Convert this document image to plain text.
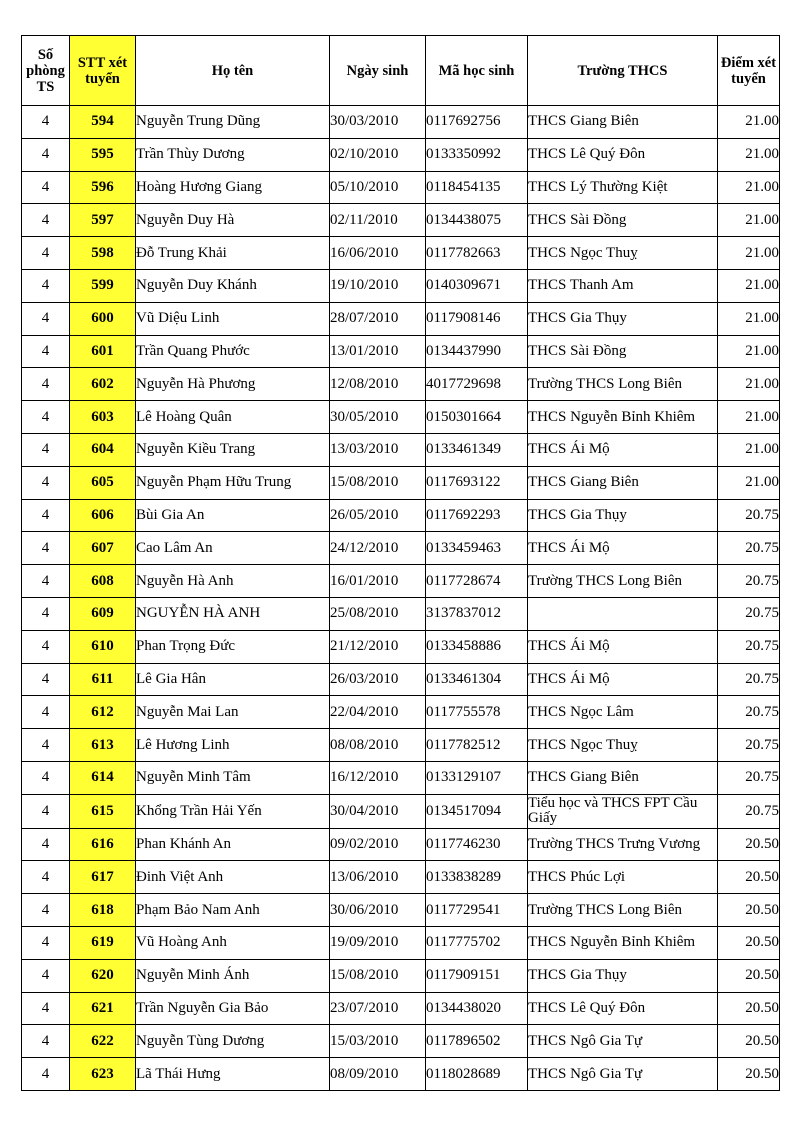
Số phòng TS	STT xét tuyển	Họ tên	Ngày sinh	Mã học sinh	Trường THCS	Điểm xét tuyển
4	594	Nguyễn Trung Dũng	30/03/2010	0117692756	THCS Giang Biên	21.00
4	595	Trần Thùy Dương	02/10/2010	0133350992	THCS Lê Quý Đôn	21.00
4	596	Hoàng Hương Giang	05/10/2010	0118454135	THCS Lý Thường Kiệt	21.00
4	597	Nguyễn Duy Hà	02/11/2010	0134438075	THCS Sài Đồng	21.00
4	598	Đỗ Trung Khải	16/06/2010	0117782663	THCS Ngọc Thuỵ	21.00
4	599	Nguyễn Duy Khánh	19/10/2010	0140309671	THCS Thanh Am	21.00
4	600	Vũ Diệu Linh	28/07/2010	0117908146	THCS Gia Thụy	21.00
4	601	Trần Quang Phước	13/01/2010	0134437990	THCS Sài Đồng	21.00
4	602	Nguyễn Hà Phương	12/08/2010	4017729698	Trường THCS Long Biên	21.00
4	603	Lê Hoàng Quân	30/05/2010	0150301664	THCS Nguyễn Bỉnh Khiêm	21.00
4	604	Nguyễn Kiều Trang	13/03/2010	0133461349	THCS Ái Mộ	21.00
4	605	Nguyễn Phạm Hữu Trung	15/08/2010	0117693122	THCS Giang Biên	21.00
4	606	Bùi Gia An	26/05/2010	0117692293	THCS Gia Thụy	20.75
4	607	Cao Lâm An	24/12/2010	0133459463	THCS Ái Mộ	20.75
4	608	Nguyễn Hà Anh	16/01/2010	0117728674	Trường THCS Long Biên	20.75
4	609	NGUYỄN HÀ ANH	25/08/2010	3137837012		20.75
4	610	Phan Trọng Đức	21/12/2010	0133458886	THCS Ái Mộ	20.75
4	611	Lê Gia Hân	26/03/2010	0133461304	THCS Ái Mộ	20.75
4	612	Nguyễn Mai Lan	22/04/2010	0117755578	THCS Ngọc Lâm	20.75
4	613	Lê Hương Linh	08/08/2010	0117782512	THCS Ngọc Thuỵ	20.75
4	614	Nguyễn Minh Tâm	16/12/2010	0133129107	THCS Giang Biên	20.75
4	615	Khổng Trần Hải Yến	30/04/2010	0134517094	Tiểu học và THCS FPT Cầu Giấy	20.75
4	616	Phan Khánh An	09/02/2010	0117746230	Trường THCS Trưng Vương	20.50
4	617	Đinh Việt Anh	13/06/2010	0133838289	THCS Phúc Lợi	20.50
4	618	Phạm Bảo Nam Anh	30/06/2010	0117729541	Trường THCS Long Biên	20.50
4	619	Vũ Hoàng Anh	19/09/2010	0117775702	THCS Nguyễn Bỉnh Khiêm	20.50
4	620	Nguyễn Minh Ánh	15/08/2010	0117909151	THCS Gia Thụy	20.50
4	621	Trần Nguyễn Gia Bảo	23/07/2010	0134438020	THCS Lê Quý Đôn	20.50
4	622	Nguyễn Tùng Dương	15/03/2010	0117896502	THCS Ngô Gia Tự	20.50
4	623	Lã Thái Hưng	08/09/2010	0118028689	THCS Ngô Gia Tự	20.50
